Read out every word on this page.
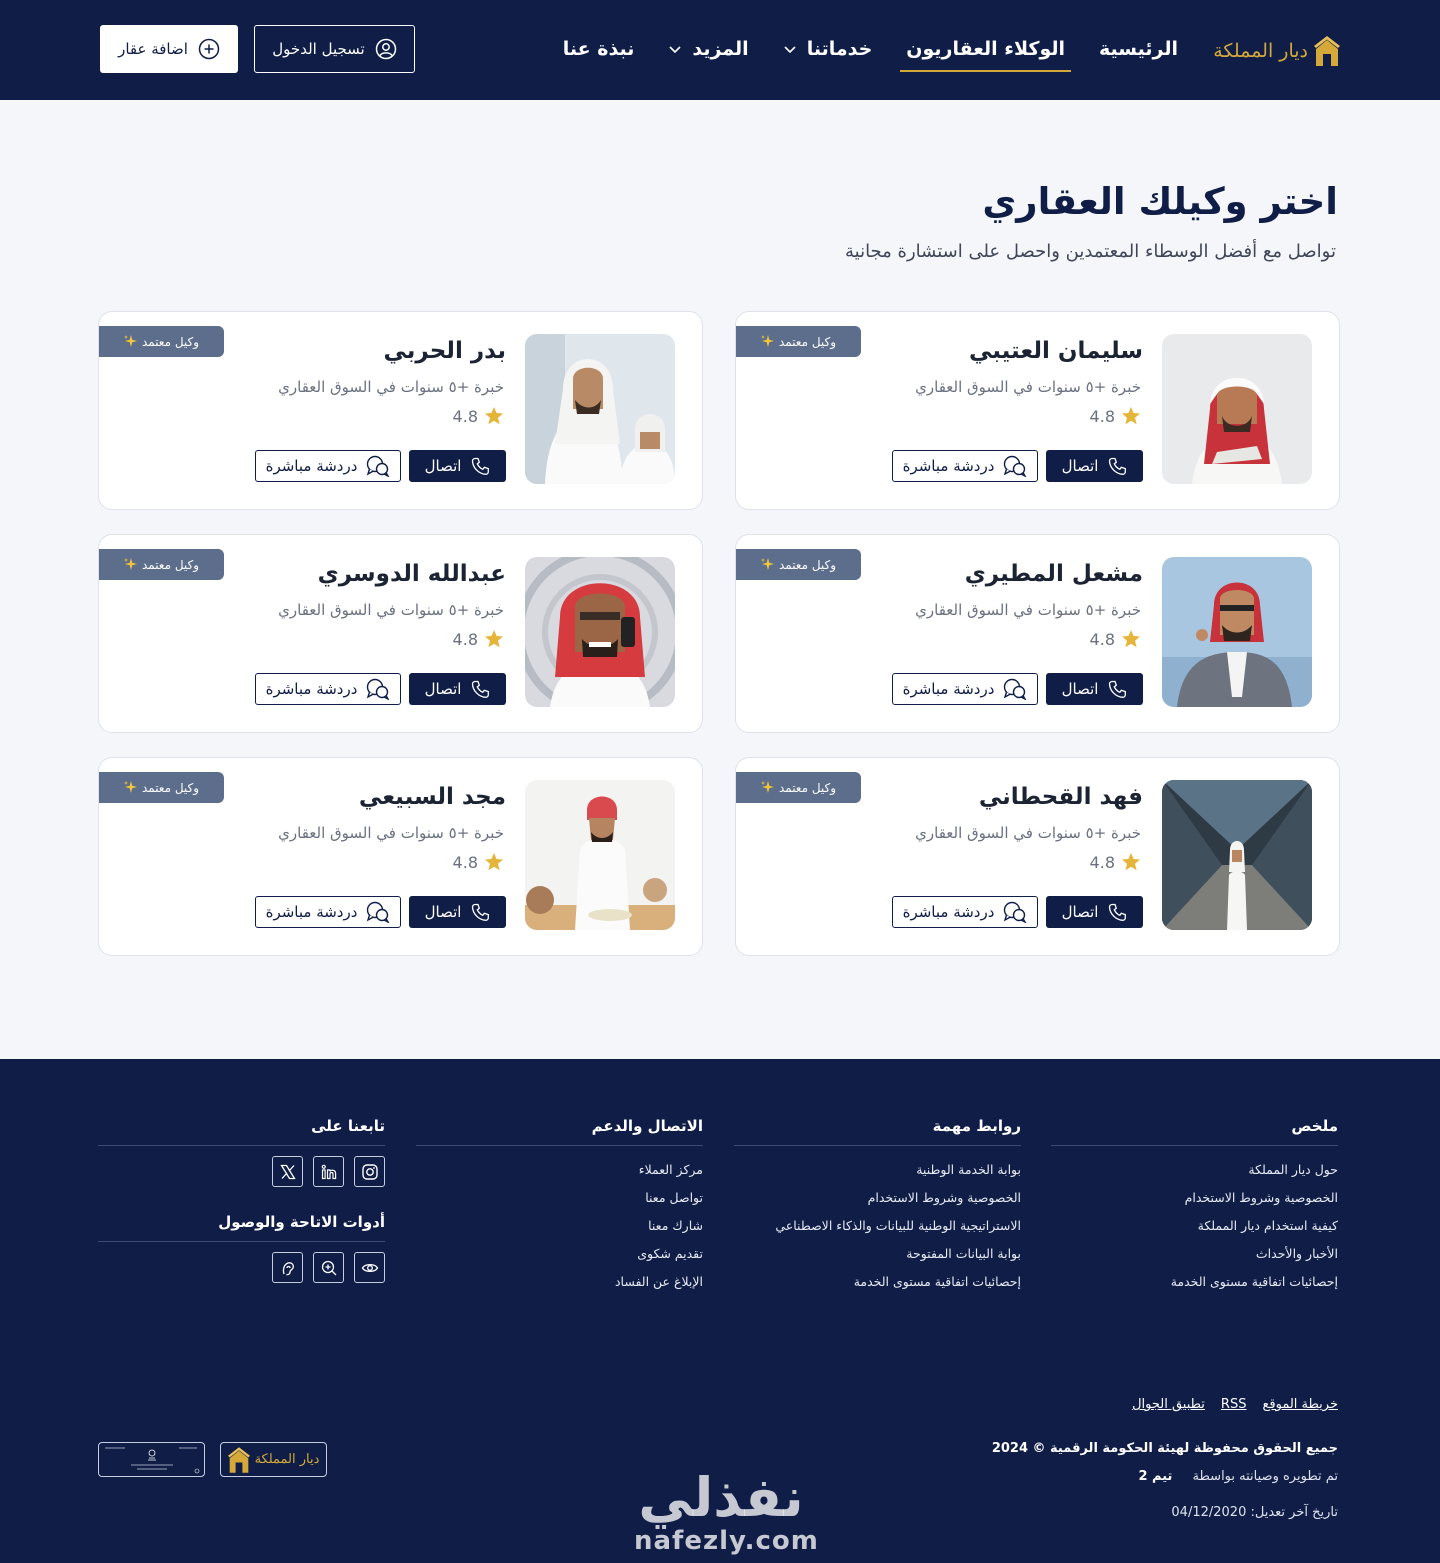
ديار المملكة
الرئيسية
الوكلاء العقاريون
خدماتنا
المزيد
نبذة عنا
تسجيل الدخول
اضافة عقار
اختر وكيلك العقاري

تواصل مع أفضل الوسطاء المعتمدين واحصل على استشارة مجانية

وكيل معتمد	سليمان العتيبي
خبرة +٥ سنوات في السوق العقاري
4.8
اتصال
دردشة مباشرة
وكيل معتمد	بدر الحربي
خبرة +٥ سنوات في السوق العقاري
4.8
اتصال
دردشة مباشرة
وكيل معتمد	مشعل المطيري
خبرة +٥ سنوات في السوق العقاري
4.8
اتصال
دردشة مباشرة
وكيل معتمد	عبدالله الدوسري
خبرة +٥ سنوات في السوق العقاري
4.8
اتصال
دردشة مباشرة
وكيل معتمد	فهد القحطاني
خبرة +٥ سنوات في السوق العقاري
4.8
اتصال
دردشة مباشرة
وكيل معتمد	مجد السبيعي
خبرة +٥ سنوات في السوق العقاري
4.8
اتصال
دردشة مباشرة
ملخص
حول ديار المملكة
الخصوصية وشروط الاستخدام
كيفية استخدام ديار المملكة
الأخبار والأحداث
إحصائيات اتفاقية مستوى الخدمة
روابط مهمة
بوابة الخدمة الوطنية
الخصوصية وشروط الاستخدام
الاستراتيجية الوطنية للبيانات والذكاء الاصطناعي
بوابة البيانات المفتوحة
إحصائيات اتفاقية مستوى الخدمة
الاتصال والدعم
مركز العملاء
تواصل معنا
شارك معنا
تقديم شكوى
الإبلاغ عن الفساد
تابعنا على
أدوات الاتاحة والوصول
خريطة الموقع
RSS
تطبيق الجوال
جميع الحقوق محفوظة لهيئة الحكومة الرقمية © 2024
تم تطويره وصيانته بواسطة تيم 2
تاريخ آخر تعديل: 04/12/2020
ديار المملكة
نفذلي
nafezly.com
